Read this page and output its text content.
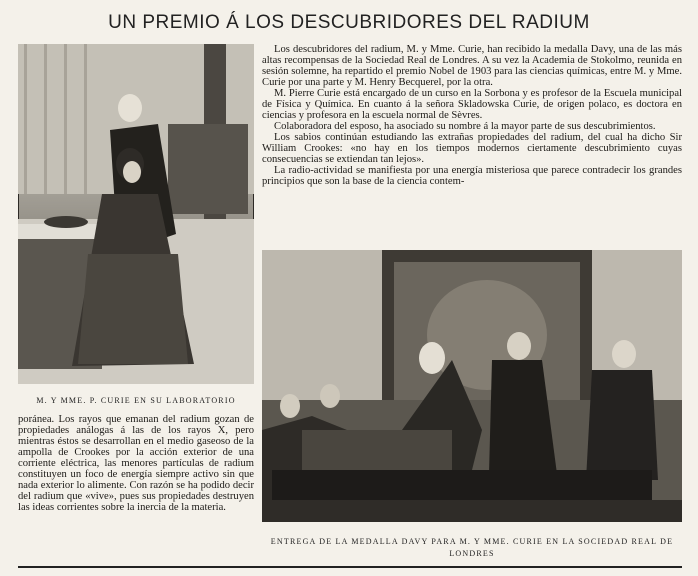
UN PREMIO Á LOS DESCUBRIDORES DEL RADIUM
M. Y MME. P. CURIE EN SU LABORATORIO

Los descubridores del radium, M. y Mme. Curie, han recibido la medalla Davy, una de las más altas recompensas de la Sociedad Real de Londres. A su vez la Academia de Stokolmo, reunida en sesión solemne, ha repartido el premio Nobel de 1903 para las ciencias químicas, entre M. y Mme. Curie por una parte y M. Henry Becquerel, por la otra.

M. Pierre Curie está encargado de un curso en la Sorbona y es profesor de la Escuela municipal de Física y Química. En cuanto á la señora Skladowska Curie, de origen polaco, es doctora en ciencias y profesora en la escuela normal de Sèvres.

Colaboradora del esposo, ha asociado su nombre á la mayor parte de sus descubrimientos.

Los sabios continúan estudiando las extrañas propiedades del radium, del cual ha dicho Sir William Crookes: «no hay en los tiempos modernos ciertamente descubrimiento cuyas consecuencias se extiendan tan lejos».

La radio-actividad se manifiesta por una energía misteriosa que parece contradecir los grandes principios que son la base de la ciencia contem-

ENTREGA DE LA MEDALLA DAVY PARA M. Y MME. CURIE EN LA SOCIEDAD REAL DE LONDRES

poránea. Los rayos que emanan del radium gozan de propiedades análogas á las de los rayos X, pero mientras éstos se desarrollan en el medio gaseoso de la ampolla de Crookes por la acción exterior de una corriente eléctrica, las menores partículas de radium constituyen un foco de energía siempre activo sin que nada exterior lo alimente. Con razón se ha podido decir del radium que «vive», pues sus propiedades destruyen las ideas corrientes sobre la inercia de la materia.
